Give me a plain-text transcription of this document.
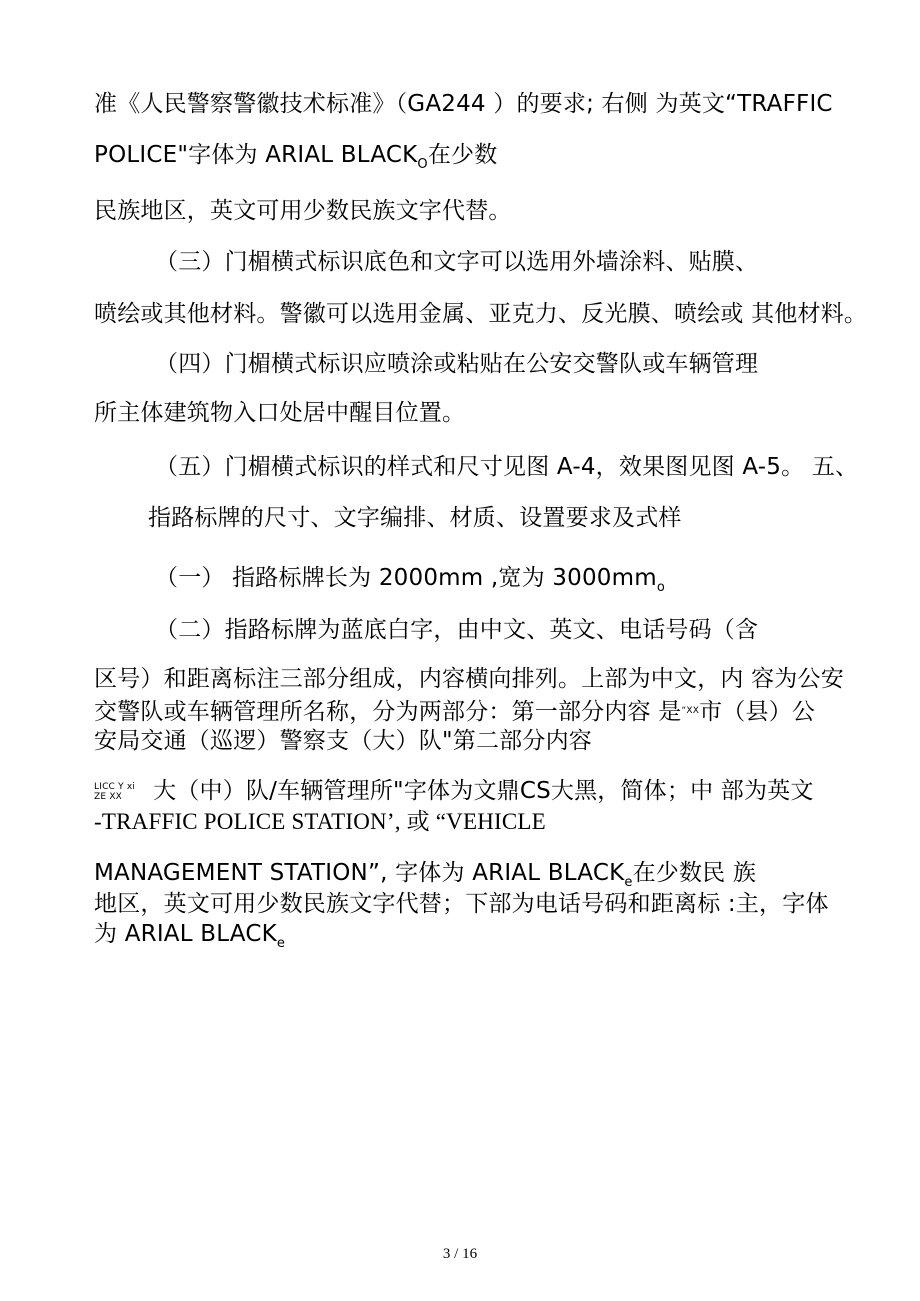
准《人民警察警徽技术标准》（GA244 ）的要求; 右侧 为英文“TRAFFIC
POLICE"字体为 ARIAL $BLACK_O$在少数
民族地区，英文可用少数民族文字代替。
（三）门楣横式标识底色和文字可以选用外墙涂料、贴膜、
喷绘或其他材料。警徽可以选用金属、亚克力、反光膜、喷绘或 其他材料。
（四）门楣横式标识应喷涂或粘贴在公安交警队或车辆管理
所主体建筑物入口处居中醒目位置。
（五）门楣横式标识的样式和尺寸见图 A-4，效果图见图 A-5。 五、
指路标牌的尺寸、文字编排、材质、设置要求及式样
（一） 指路标牌长为 2000mm ,宽为 $3000mm_o$
（二）指路标牌为蓝底白字，由中文、英文、电话号码（含
区号）和距离标注三部分组成，内容横向排列。上部为中文，内 容为公安
交警队或车辆管理所名称，分为两部分：第一部分内容 是$^{“XX}$市（县）公
安局交通（巡逻）警察支（大）队"第二部分内容
LICC Y xi
ZE XX	大（中）队/车辆管理所"字体为文鼎CS大黑，简体；中 部为英文
-TRAFFIC POLICE STATION’, 或 “VEHICLE
MANAGEMENT STATION”, 字体为 ARIAL $BLACK_e$在少数民 族
地区，英文可用少数民族文字代替；下部为电话号码和距离标 :主，字体
为 ARIAL $BLACK_e$
3 / 16
